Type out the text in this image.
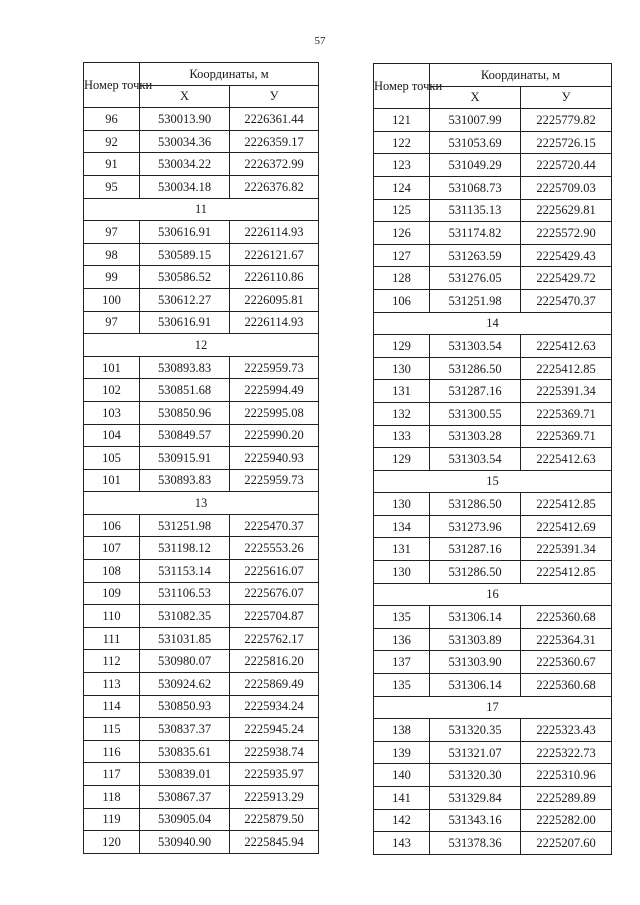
57
Номер точки	Координаты, м	
	Х	У
96	530013.90	2226361.44
92	530034.36	2226359.17
91	530034.22	2226372.99
95	530034.18	2226376.82
11		
97	530616.91	2226114.93
98	530589.15	2226121.67
99	530586.52	2226110.86
100	530612.27	2226095.81
97	530616.91	2226114.93
12		
101	530893.83	2225959.73
102	530851.68	2225994.49
103	530850.96	2225995.08
104	530849.57	2225990.20
105	530915.91	2225940.93
101	530893.83	2225959.73
13		
106	531251.98	2225470.37
107	531198.12	2225553.26
108	531153.14	2225616.07
109	531106.53	2225676.07
110	531082.35	2225704.87
111	531031.85	2225762.17
112	530980.07	2225816.20
113	530924.62	2225869.49
114	530850.93	2225934.24
115	530837.37	2225945.24
116	530835.61	2225938.74
117	530839.01	2225935.97
118	530867.37	2225913.29
119	530905.04	2225879.50
120	530940.90	2225845.94
Номер точки	Координаты, м	
	Х	У
121	531007.99	2225779.82
122	531053.69	2225726.15
123	531049.29	2225720.44
124	531068.73	2225709.03
125	531135.13	2225629.81
126	531174.82	2225572.90
127	531263.59	2225429.43
128	531276.05	2225429.72
106	531251.98	2225470.37
14		
129	531303.54	2225412.63
130	531286.50	2225412.85
131	531287.16	2225391.34
132	531300.55	2225369.71
133	531303.28	2225369.71
129	531303.54	2225412.63
15		
130	531286.50	2225412.85
134	531273.96	2225412.69
131	531287.16	2225391.34
130	531286.50	2225412.85
16		
135	531306.14	2225360.68
136	531303.89	2225364.31
137	531303.90	2225360.67
135	531306.14	2225360.68
17		
138	531320.35	2225323.43
139	531321.07	2225322.73
140	531320.30	2225310.96
141	531329.84	2225289.89
142	531343.16	2225282.00
143	531378.36	2225207.60
